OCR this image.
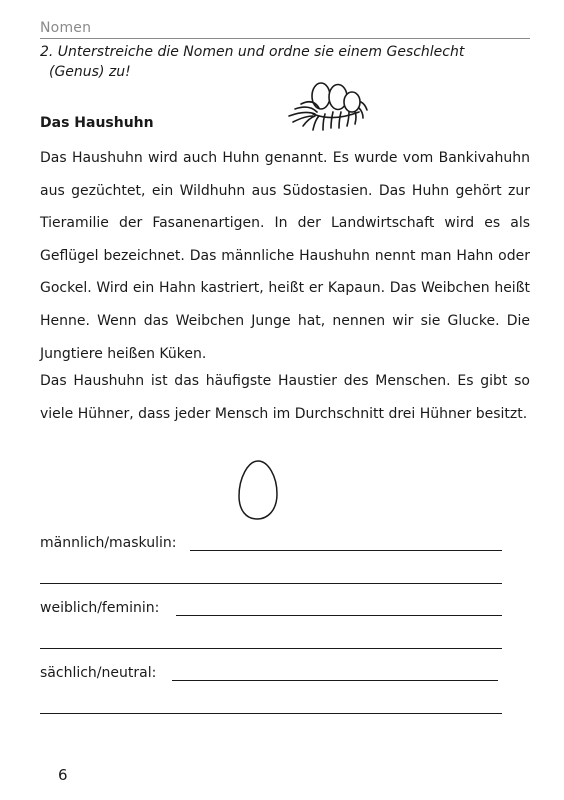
Nomen
2. Unterstreiche die Nomen und ordne sie einem Geschlecht
(Genus) zu!
Das Haushuhn
Das Haushuhn wird auch Huhn genannt. Es wurde vom Bankivahuhn aus gezüchtet, ein Wildhuhn aus Südostasien. Das Huhn gehört zur Tieramilie der Fasanenartigen. In der Landwirtschaft wird es als Geflügel bezeichnet. Das männliche Haushuhn nennt man Hahn oder Gockel. Wird ein Hahn kastriert, heißt er Kapaun. Das Weibchen heißt Henne. Wenn das Weibchen Junge hat, nennen wir sie Glucke. Die Jungtiere heißen Küken.
Das Haushuhn ist das häufigste Haustier des Menschen. Es gibt so viele Hühner, dass jeder Mensch im Durchschnitt drei Hühner besitzt.
männlich/maskulin:
weiblich/feminin:
sächlich/neutral:
6
